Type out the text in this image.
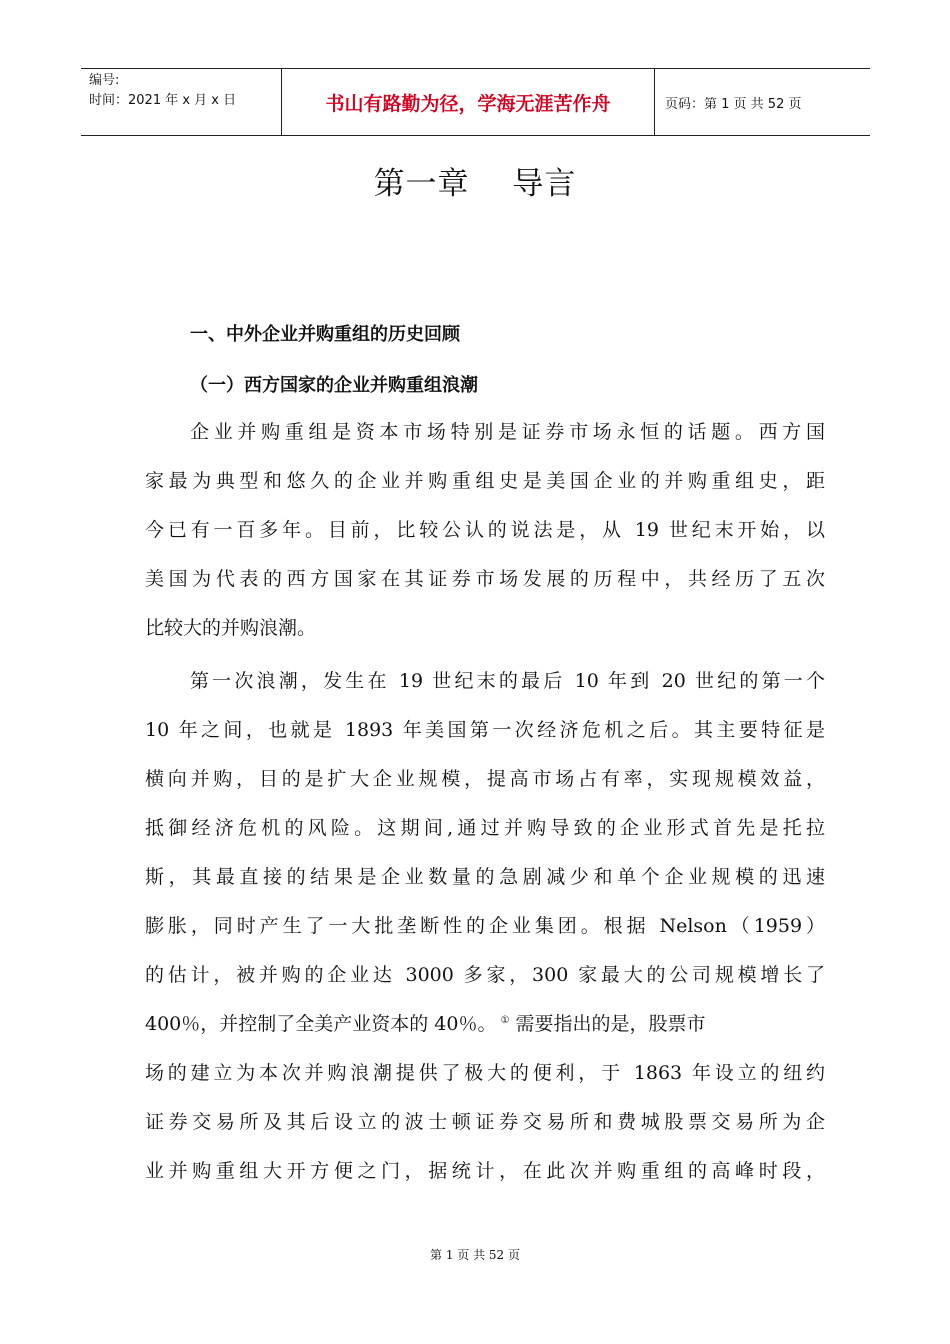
编号:
时间：2021 年 x 月 x 日	书山有路勤为径，学海无涯苦作舟	页码：第 1 页 共 52 页
第一章　 导言
一、中外企业并购重组的历史回顾
（一）西方国家的企业并购重组浪潮
企业并购重组是资本市场特别是证券市场永恒的话题。西方国
家最为典型和悠久的企业并购重组史是美国企业的并购重组史，距
今已有一百多年。目前，比较公认的说法是，从 19 世纪末开始，以
美国为代表的西方国家在其证券市场发展的历程中，共经历了五次
比较大的并购浪潮。
第一次浪潮，发生在 19 世纪末的最后 10 年到 20 世纪的第一个
10 年之间，也就是 1893 年美国第一次经济危机之后。其主要特征是
横向并购，目的是扩大企业规模，提高市场占有率，实现规模效益，
抵御经济危机的风险。这期间,通过并购导致的企业形式首先是托拉
斯，其最直接的结果是企业数量的急剧减少和单个企业规模的迅速
膨胀，同时产生了一大批垄断性的企业集团。根据 Nelson（1959）
的估计，被并购的企业达 3000 多家，300 家最大的公司规模增长了
400％，并控制了全美产业资本的 40％。 ① 需要指出的是，股票市
场的建立为本次并购浪潮提供了极大的便利，于 1863 年设立的纽约
证券交易所及其后设立的波士顿证券交易所和费城股票交易所为企
业并购重组大开方便之门，据统计，在此次并购重组的高峰时段，
第 1 页 共 52 页
